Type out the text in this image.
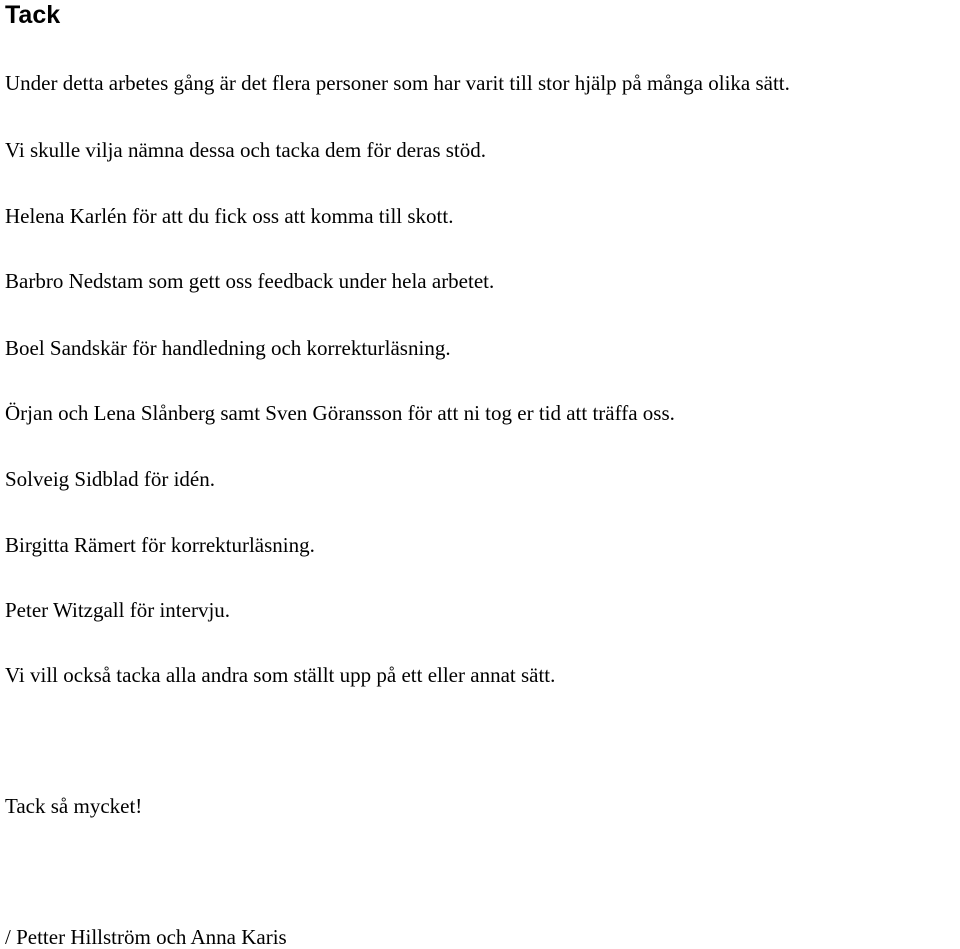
Tack

Under detta arbetes gång är det flera personer som har varit till stor hjälp på många olika sätt.

Vi skulle vilja nämna dessa och tacka dem för deras stöd.

Helena Karlén för att du fick oss att komma till skott.

Barbro Nedstam som gett oss feedback under hela arbetet.

Boel Sandskär för handledning och korrekturläsning.

Örjan och Lena Slånberg samt Sven Göransson för att ni tog er tid att träffa oss.

Solveig Sidblad för idén.

Birgitta Rämert för korrekturläsning.

Peter Witzgall för intervju.

Vi vill också tacka alla andra som ställt upp på ett eller annat sätt.

Tack så mycket!

/ Petter Hillström och Anna Karis
